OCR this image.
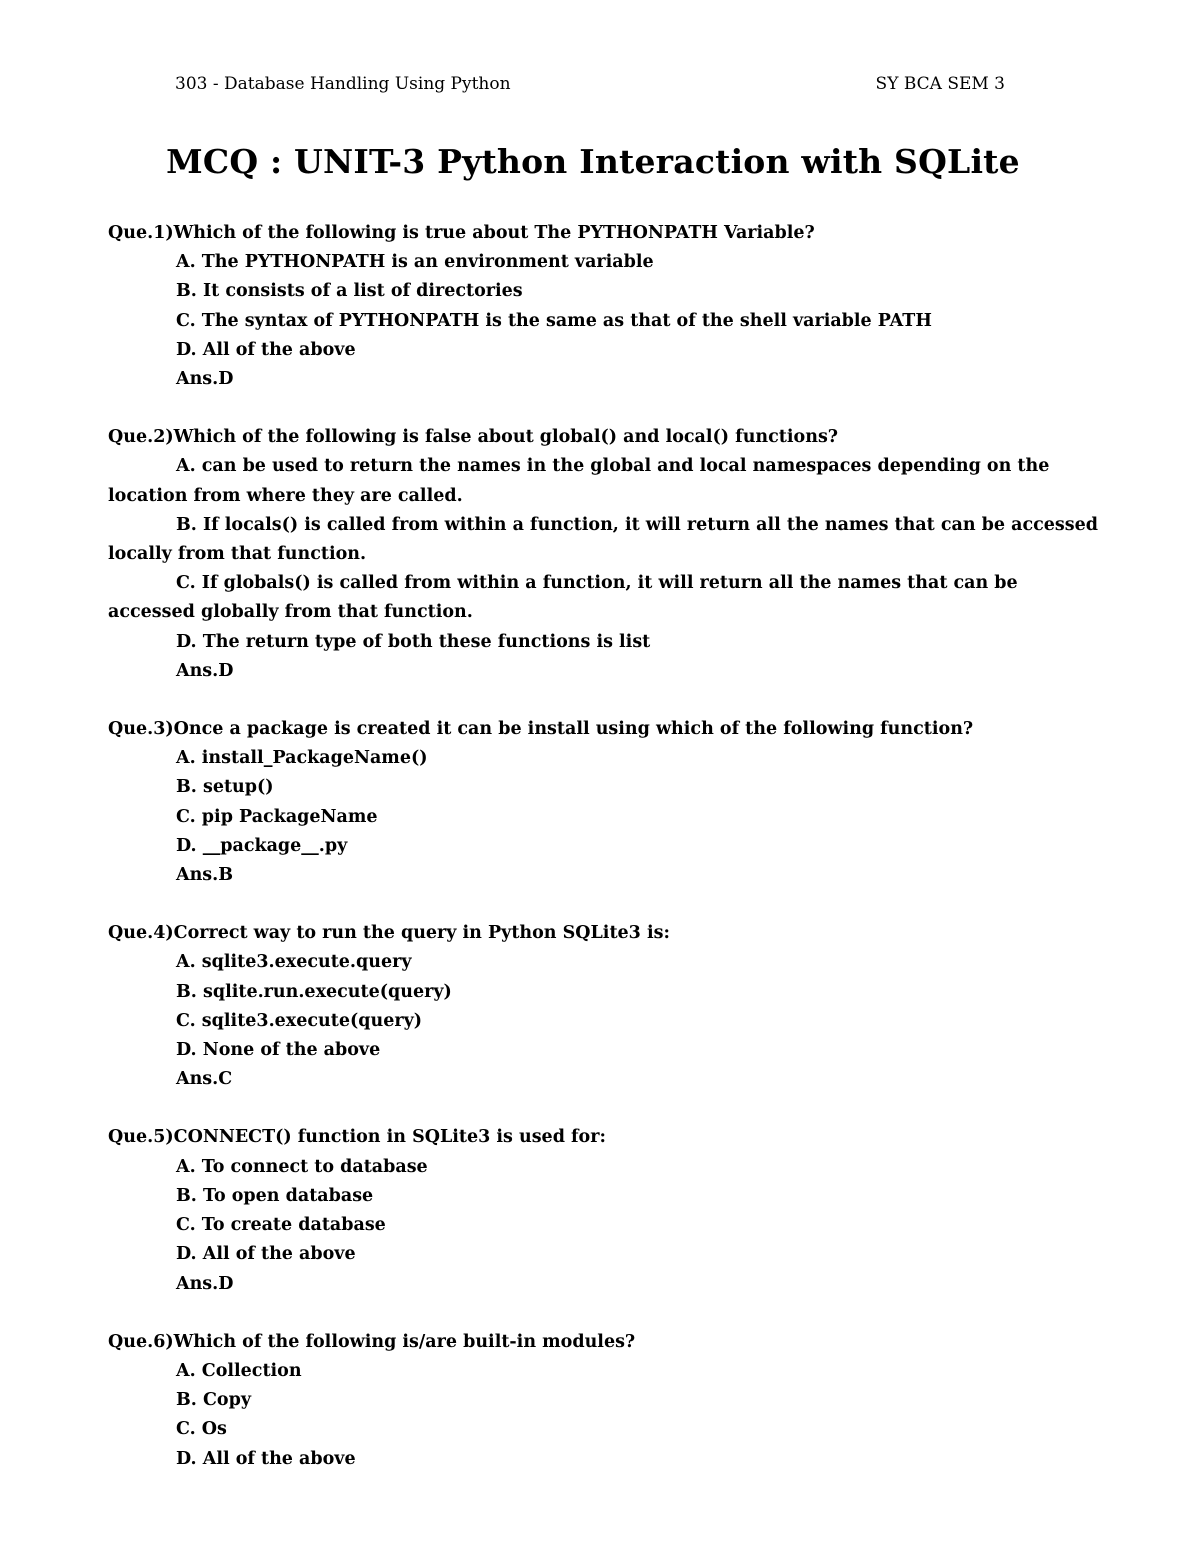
303 - Database Handling Using Python	SY BCA SEM 3
MCQ : UNIT-3 Python Interaction with SQLite
Que.1)Which of the following is true about The PYTHONPATH Variable?
A. The PYTHONPATH is an environment variable
B. It consists of a list of directories
C. The syntax of PYTHONPATH is the same as that of the shell variable PATH
D. All of the above
Ans.D
Que.2)Which of the following is false about global() and local() functions?
A. can be used to return the names in the global and local namespaces depending on the
location from where they are called.
B. If locals() is called from within a function, it will return all the names that can be accessed
locally from that function.
C. If globals() is called from within a function, it will return all the names that can be
accessed globally from that function.
D. The return type of both these functions is list
Ans.D
Que.3)Once a package is created it can be install using which of the following function?
A. install_PackageName()
B. setup()
C. pip PackageName
D. __package__.py
Ans.B
Que.4)Correct way to run the query in Python SQLite3 is:
A. sqlite3.execute.query
B. sqlite.run.execute(query)
C. sqlite3.execute(query)
D. None of the above
Ans.C
Que.5)CONNECT() function in SQLite3 is used for:
A. To connect to database
B. To open database
C. To create database
D. All of the above
Ans.D
Que.6)Which of the following is/are built-in modules?
A. Collection
B. Copy
C. Os
D. All of the above
